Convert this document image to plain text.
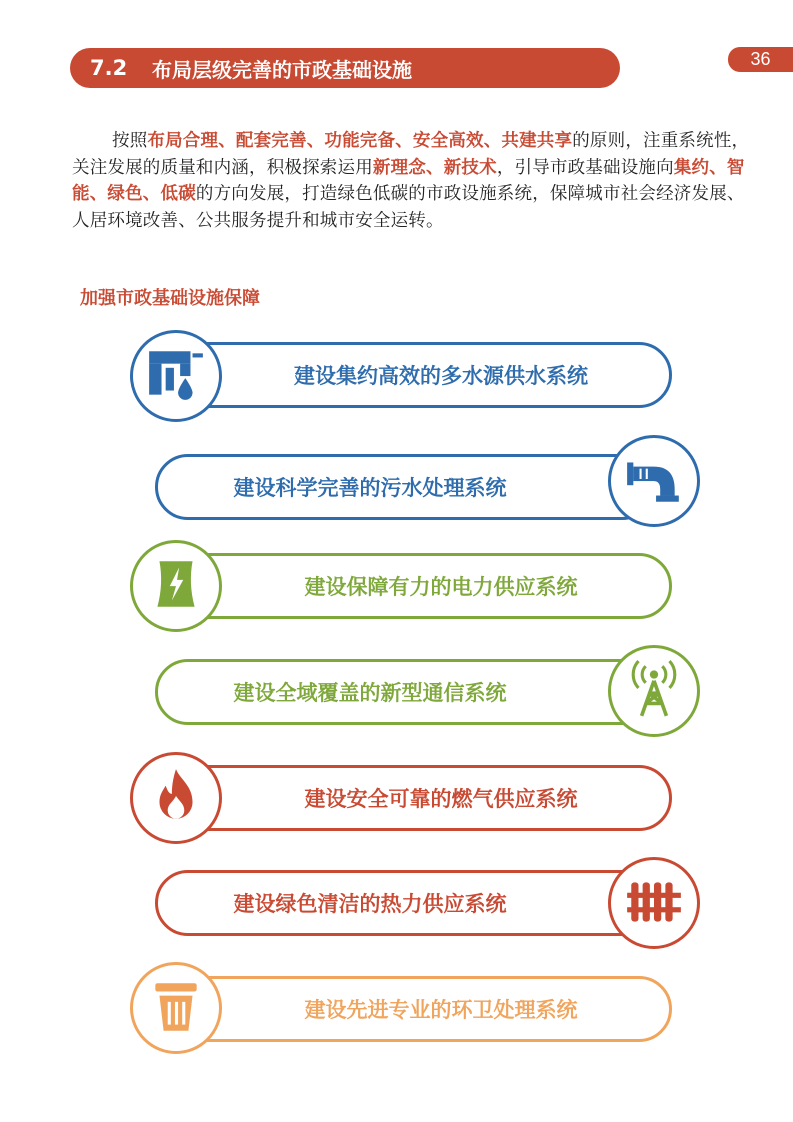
7.2	布局层级完善的市政基础设施	36

按照布局合理、配套完善、功能完备、安全高效、共建共享的原则，注重系统性，关注发展的质量和内涵，积极探索运用新理念、新技术，引导市政基础设施向集约、智能、绿色、低碳的方向发展，打造绿色低碳的市政设施系统，保障城市社会经济发展、人居环境改善、公共服务提升和城市安全运转。

加强市政基础设施保障
建设集约高效的多水源供水系统
建设科学完善的污水处理系统
建设保障有力的电力供应系统
建设全域覆盖的新型通信系统
建设安全可靠的燃气供应系统
建设绿色清洁的热力供应系统
建设先进专业的环卫处理系统
